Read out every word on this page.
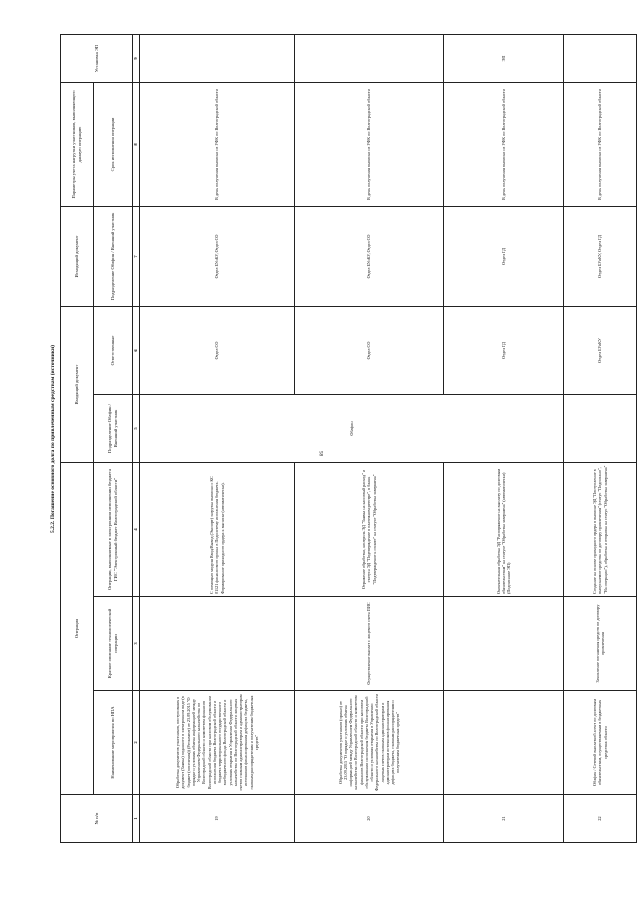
58
5.2.2. Погашение основного долга по привлеченным средствам (источники)
№ п/п	Операция			Входящий документ		Исходящий документ	Параметры учета нагрузки участников, выполняющего данную операцию	Установка ЭП
	Наименование мероприятия по НПА	Краткое описание технологической операции	Операции, выполняемые в электронном исполнении бюджета ГИС "Электронный бюджет Волгоградской области"	Подразделение Облфин / Внешний участник	Ответственные	Подразделение Облфин / Внешний участник	Срок исполнения операции	
1	2	3	4	5	6	7	8	9
19	Обработка документов участников, поступивших в документ (Заявка) поданного в электронном виде (в бюджет (поселения)) (Регламент) от 23.09.2015 "О порядке и условиях обмена информацией между Управлением Федерального казначейства по Волгоградской области и комитетом финансов Волгоградской области при кассовом обслуживании исполнения бюджета Волгоградской области и бюджета территориального государственного внебюджетного фонда Волгоградской области и условиях открытия в Управлении Федерального казначейства по Волгоградской области лицевых счетов главным администраторам и администраторам источников финансирования дефицита бюджета, главным распорядителям и получателям бюджетных средств"		С помощью модуля Ввод/Вывод (Экспорт) загрузка выписки с КС 01121 финансового органа в Подсистему исполнения бюджета. Формирование приходного ордера к выписке (автоматически).	Облфин	Отдел СО	Отдел БУиКУ, Отдел СО	В день получения выписки из УФК по Волгоградской области	
20	Обработка документов участников (приказ) от 23.09.2015 "О порядке и условиях обмена информацией между Управлением Федерального казначейства по Волгоградской области и комитетом финансов Волгоградской области при кассовом обслуживании исполнения бюджета Волгоградской области и условиях открытия в Управлении Федерального казначейства по Волгоградской области лицевых счетов главным администраторам и администраторам источников финансирования дефицита бюджета, главным распорядителям и получателям бюджетных средств"	Осуществление выплат с лицевого счета ПИС	Отражение обработки, контроль ЭД "Заявка на кассовый расход" и статуса ЭД "Подтверждение в платежном реестре", в бланк "Подтверждение к оплате" на статусе "Обработка завершена"		Отдел СО	Отдел БУиКУ, Отдел СО	В день получения выписки из УФК по Волгоградской области	
21			Окончательная обработка ЭД "Распоряжение на выплату по долговым обязательствам" на статусе "Обработка завершена" (автоматически) (Подписание ЭП)		Отдел ГД	Отдел ГД	В день получения выписки из УФК по Волгоградской области	ЭП
22	Облфин / Сетевой выплатной агент по долговым обязательствам, осуществляемым в бюджетных средствах области	Зачисление погашения средств по договору привлечения	Создание на основе приходного ордера в выписке ЭД "Поступление в выпускаемое средства по договору привлечения" (статус "Подписано", "На операции"), обработка и отправка на статус "Обработка завершена"		Отдел БУиКУ	Отдел БУиКУ, Отдел ГД	В день получения выписки из УФК по Волгоградской области	
